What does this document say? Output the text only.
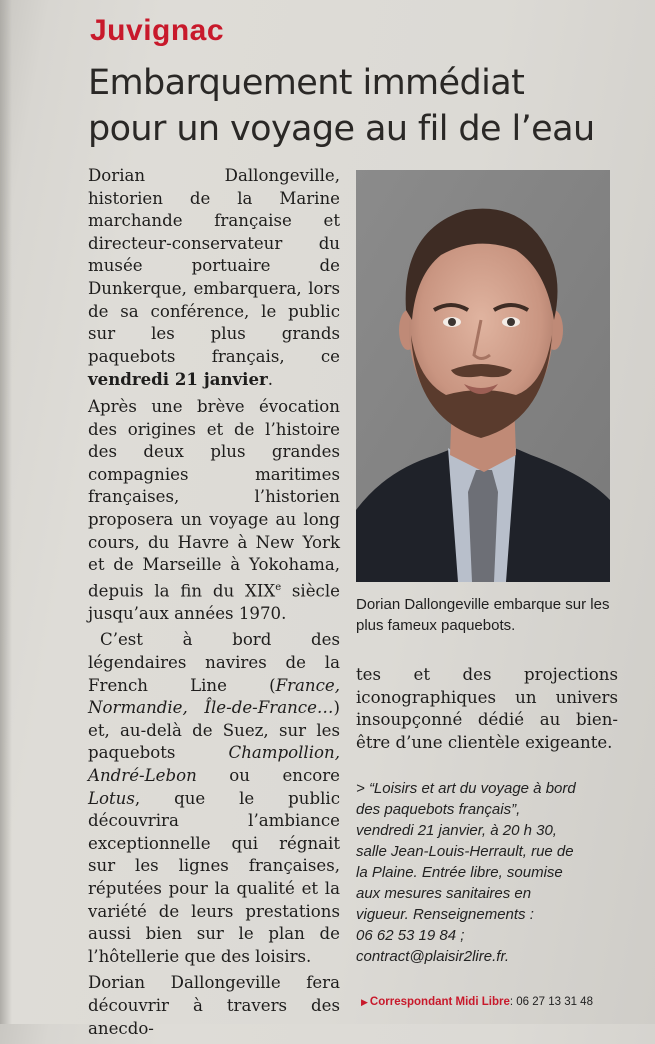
Juvignac
Embarquement immédiat
pour un voyage au fil de l’eau

Dorian Dallongeville, historien de la Marine marchande française et directeur-conservateur du musée portuaire de Dunkerque, embarquera, lors de sa conférence, le public sur les plus grands paquebots français, ce vendredi 21 janvier.

Après une brève évocation des origines et de l’histoire des deux plus grandes compagnies maritimes françaises, l’historien proposera un voyage au long cours, du Havre à New York et de Marseille à Yokohama, depuis la fin du XIXe siècle jusqu’aux années 1970.

C’est à bord des légendaires navires de la French Line (France, Normandie, Île-de-France…) et, au-delà de Suez, sur les paquebots Champollion, André-Lebon ou encore Lotus, que le public découvrira l’ambiance exceptionnelle qui régnait sur les lignes françaises, réputées pour la qualité et la variété de leurs prestations aussi bien sur le plan de l’hôtellerie que des loisirs.

Dorian Dallongeville fera découvrir à travers des anecdo-

Dorian Dallongeville embarque sur les plus fameux paquebots.

tes et des projections iconographiques un univers insoupçonné dédié au bien-être d’une clientèle exigeante.

> “Loisirs et art du voyage à bord

des paquebots français”,

vendredi 21 janvier, à 20 h 30,

salle Jean-Louis-Herrault, rue de

la Plaine. Entrée libre, soumise

aux mesures sanitaires en

vigueur. Renseignements :

06 62 53 19 84 ;

contract@plaisir2lire.fr.

▶ Correspondant Midi Libre: 06 27 13 31 48
